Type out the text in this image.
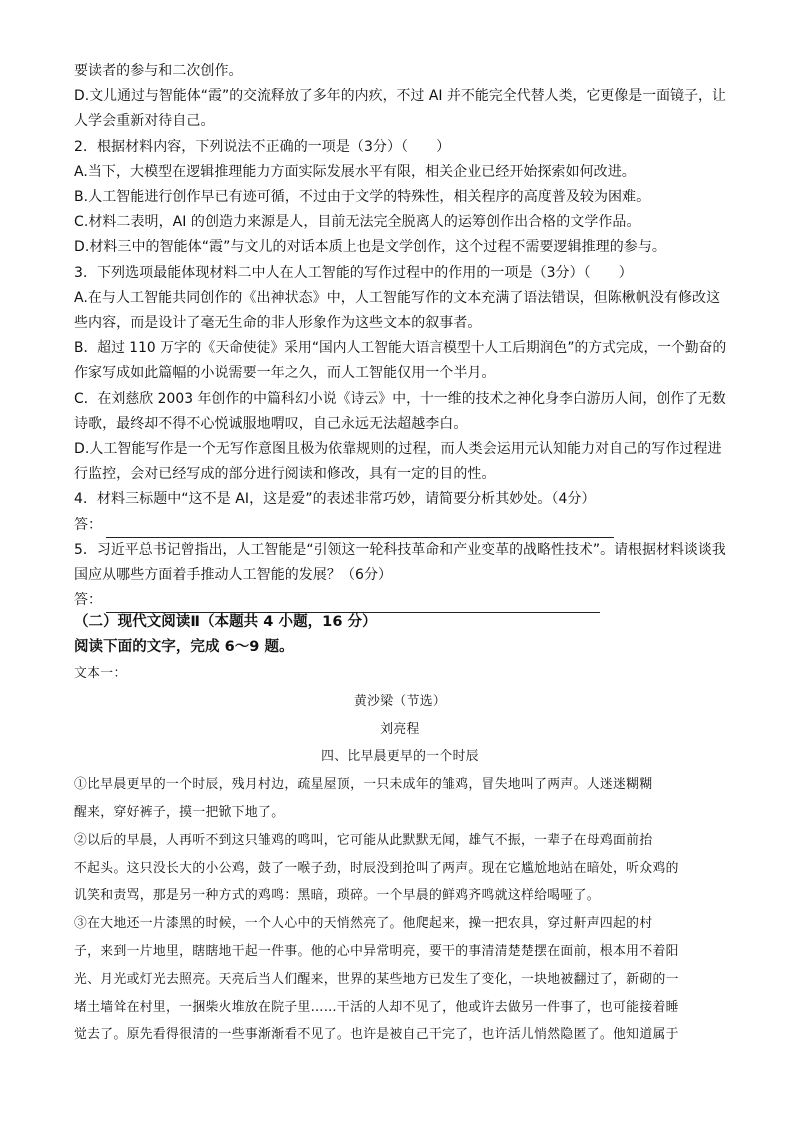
要读者的参与和二次创作。
D.文儿通过与智能体“霞”的交流释放了多年的内疚，不过 AI 并不能完全代替人类，它更像是一面镜子，让
人学会重新对待自己。
2．根据材料内容，下列说法不正确的一项是（3分）（　　）
A.当下，大模型在逻辑推理能力方面实际发展水平有限，相关企业已经开始探索如何改进。
B.人工智能进行创作早已有迹可循，不过由于文学的特殊性，相关程序的高度普及较为困难。
C.材料二表明，AI 的创造力来源是人，目前无法完全脱离人的运筹创作出合格的文学作品。
D.材料三中的智能体“霞”与文儿的对话本质上也是文学创作，这个过程不需要逻辑推理的参与。
3．下列选项最能体现材料二中人在人工智能的写作过程中的作用的一项是（3分）（　　）
A.在与人工智能共同创作的《出神状态》中，人工智能写作的文本充满了语法错误，但陈楸帆没有修改这
些内容，而是设计了毫无生命的非人形象作为这些文本的叙事者。
B．超过 110 万字的《天命使徒》采用“国内人工智能大语言模型十人工后期润色”的方式完成，一个勤奋的
作家写成如此篇幅的小说需要一年之久，而人工智能仅用一个半月。
C．在刘慈欣 2003 年创作的中篇科幻小说《诗云》中，十一维的技术之神化身李白游历人间，创作了无数
诗歌，最终却不得不心悦诚服地喟叹，自己永远无法超越李白。
D.人工智能写作是一个无写作意图且极为依靠规则的过程，而人类会运用元认知能力对自己的写作过程进
行监控，会对已经写成的部分进行阅读和修改，具有一定的目的性。
4．材料三标题中“这不是 AI，这是爱”的表述非常巧妙，请简要分析其妙处。（4分）
答：
5．习近平总书记曾指出，人工智能是“引领这一轮科技革命和产业变革的战略性技术”。请根据材料谈谈我
国应从哪些方面着手推动人工智能的发展？（6分）
答：
（二）现代文阅读Ⅱ（本题共 4 小题，16 分）
阅读下面的文字，完成 6～9 题。
文本一：
黄沙梁（节选）
刘亮程
四、比早晨更早的一个时辰
①比早晨更早的一个时辰，残月村边，疏星屋顶，一只未成年的雏鸡，冒失地叫了两声。人迷迷糊糊
醒来，穿好裤子，摸一把锨下地了。
②以后的早晨，人再听不到这只雏鸡的鸣叫，它可能从此默默无闻，雄气不振，一辈子在母鸡面前抬
不起头。这只没长大的小公鸡，鼓了一喉子劲，时辰没到抢叫了两声。现在它尴尬地站在暗处，听众鸡的
讥笑和责骂，那是另一种方式的鸡鸣：黑暗，琐碎。一个早晨的鲜鸡齐鸣就这样给喝哑了。
③在大地还一片漆黑的时候，一个人心中的天悄然亮了。他爬起来，操一把农具，穿过鼾声四起的村
子，来到一片地里，瞎瞎地干起一件事。他的心中异常明亮，要干的事清清楚楚摆在面前，根本用不着阳
光、月光或灯光去照亮。天亮后当人们醒来，世界的某些地方已发生了变化，一块地被翻过了，新砌的一
堵土墙耸在村里，一捆柴火堆放在院子里……干活的人却不见了，他或许去做另一件事了，也可能接着睡
觉去了。原先看得很清的一些事渐渐看不见了。也许是被自己干完了，也许活儿悄然隐匿了。他知道属于
